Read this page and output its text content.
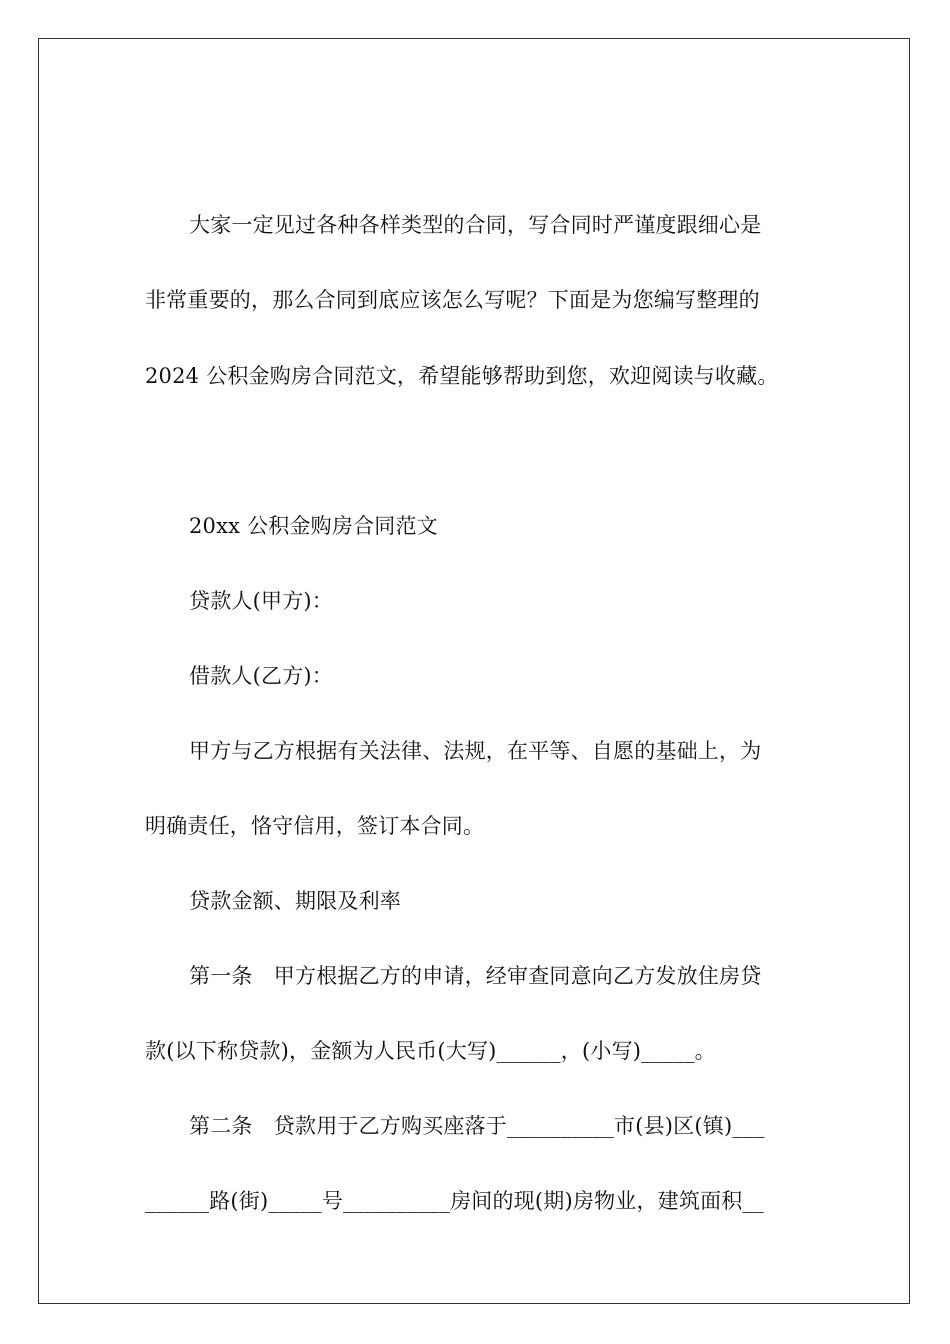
大家一定见过各种各样类型的合同，写合同时严谨度跟细心是
非常重要的，那么合同到底应该怎么写呢？下面是为您编写整理的
2024 公积金购房合同范文，希望能够帮助到您，欢迎阅读与收藏。
20xx 公积金购房合同范文
贷款人(甲方)：
借款人(乙方)：
甲方与乙方根据有关法律、法规，在平等、自愿的基础上，为
明确责任，恪守信用，签订本合同。
贷款金额、期限及利率
第一条　甲方根据乙方的申请，经审查同意向乙方发放住房贷
款(以下称贷款)，金额为人民币(大写)______，(小写)_____。
第二条　贷款用于乙方购买座落于__________市(县)区(镇)___
______路(街)_____号__________房间的现(期)房物业，建筑面积__
